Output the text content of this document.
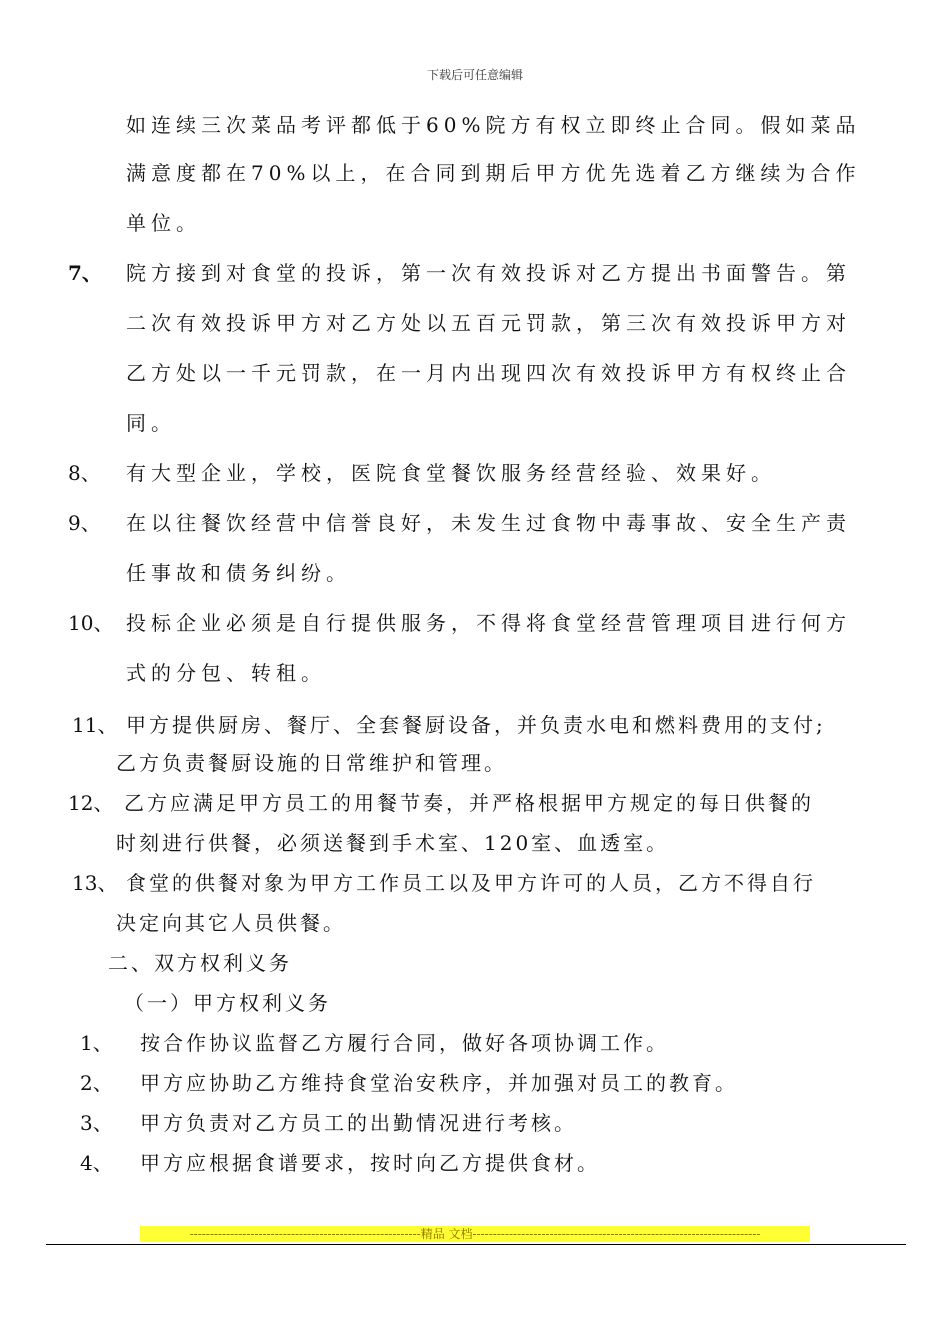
下载后可任意编辑
如连续三次菜品考评都低于60%院方有权立即终止合同。假如菜品
满意度都在70%以上，在合同到期后甲方优先选着乙方继续为合作
单位。
7、 院方接到对食堂的投诉，第一次有效投诉对乙方提出书面警告。第
二次有效投诉甲方对乙方处以五百元罚款，第三次有效投诉甲方对
乙方处以一千元罚款，在一月内出现四次有效投诉甲方有权终止合
同。
8、 有大型企业，学校，医院食堂餐饮服务经营经验、效果好。
9、 在以往餐饮经营中信誉良好，未发生过食物中毒事故、安全生产责
任事故和债务纠纷。
10、 投标企业必须是自行提供服务，不得将食堂经营管理项目进行何方
式的分包、转租。
11、 甲方提供厨房、餐厅、全套餐厨设备，并负责水电和燃料费用的支付;
乙方负责餐厨设施的日常维护和管理。
12、 乙方应满足甲方员工的用餐节奏，并严格根据甲方规定的每日供餐的
时刻进行供餐，必须送餐到手术室、120室、血透室。
13、 食堂的供餐对象为甲方工作员工以及甲方许可的人员，乙方不得自行
决定向其它人员供餐。
二、双方权利义务
（一）甲方权利义务
1、 按合作协议监督乙方履行合同，做好各项协调工作。
2、 甲方应协助乙方维持食堂治安秩序，并加强对员工的教育。
3、 甲方负责对乙方员工的出勤情况进行考核。
4、 甲方应根据食谱要求，按时向乙方提供食材。
---------------------------------------------------------精品 文档-----------------------------------------------------------------------
